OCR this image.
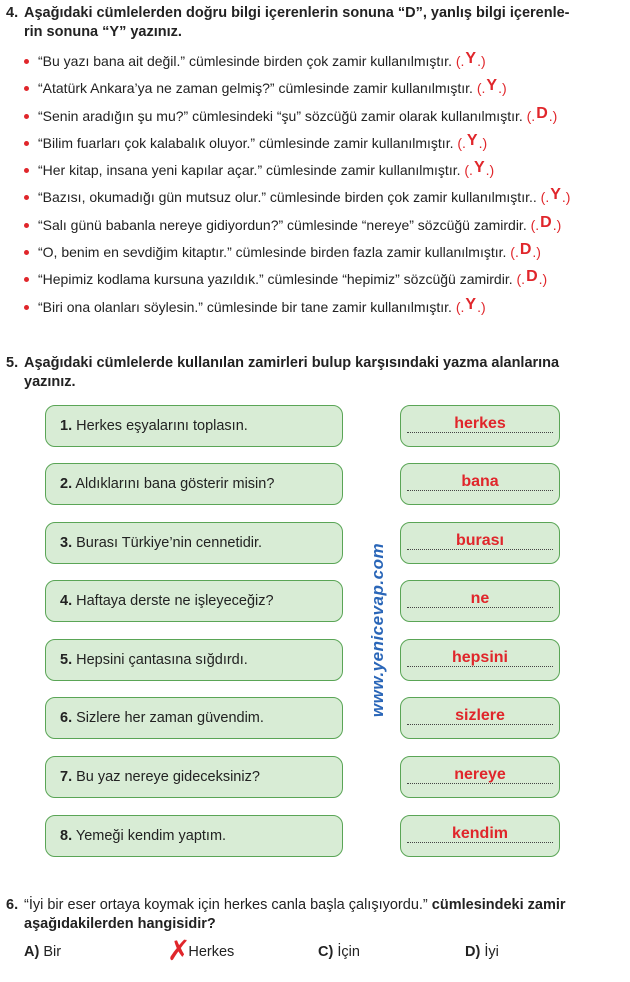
4. Aşağıdaki cümlelerden doğru bilgi içerenlerin sonuna “D”, yanlış bilgi içerenle-
rin sonuna “Y” yazınız.
“Bu yazı bana ait değil.” cümlesinde birden çok zamir kullanılmıştır. (.Y.)
“Atatürk Ankara’ya ne zaman gelmiş?” cümlesinde zamir kullanılmıştır. (.Y.)
“Senin aradığın şu mu?” cümlesindeki “şu” sözcüğü zamir olarak kullanılmıştır. (.D.)
“Bilim fuarları çok kalabalık oluyor.” cümlesinde zamir kullanılmıştır. (.Y.)
“Her kitap, insana yeni kapılar açar.” cümlesinde zamir kullanılmıştır. (.Y.)
“Bazısı, okumadığı gün mutsuz olur.” cümlesinde birden çok zamir kullanılmıştır.. (.Y.)
“Salı günü babanla nereye gidiyordun?” cümlesinde “nereye” sözcüğü zamirdir. (.D.)
“O, benim en sevdiğim kitaptır.” cümlesinde birden fazla zamir kullanılmıştır. (.D.)
“Hepimiz kodlama kursuna yazıldık.” cümlesinde “hepimiz” sözcüğü zamirdir. (.D.)
“Biri ona olanları söylesin.” cümlesinde bir tane zamir kullanılmıştır. (.Y.)
5. Aşağıdaki cümlelerde kullanılan zamirleri bulup karşısındaki yazma alanlarına
yazınız.
1. Herkes eşyalarını toplasın.	herkes
2. Aldıklarını bana gösterir misin?	bana
3. Burası Türkiye’nin cennetidir.	burası
4. Haftaya derste ne işleyeceğiz?	ne
5. Hepsini çantasına sığdırdı.	hepsini
6. Sizlere her zaman güvendim.	sizlere
7. Bu yaz nereye gideceksiniz?	nereye
8. Yemeği kendim yaptım.	kendim
www.yenicevap.com
6. “İyi bir eser ortaya koymak için herkes canla başla çalışıyordu.” cümlesindeki zamir
aşağıdakilerden hangisidir?
A) Bir	Herkes
✗	C) İçin	D) İyi
